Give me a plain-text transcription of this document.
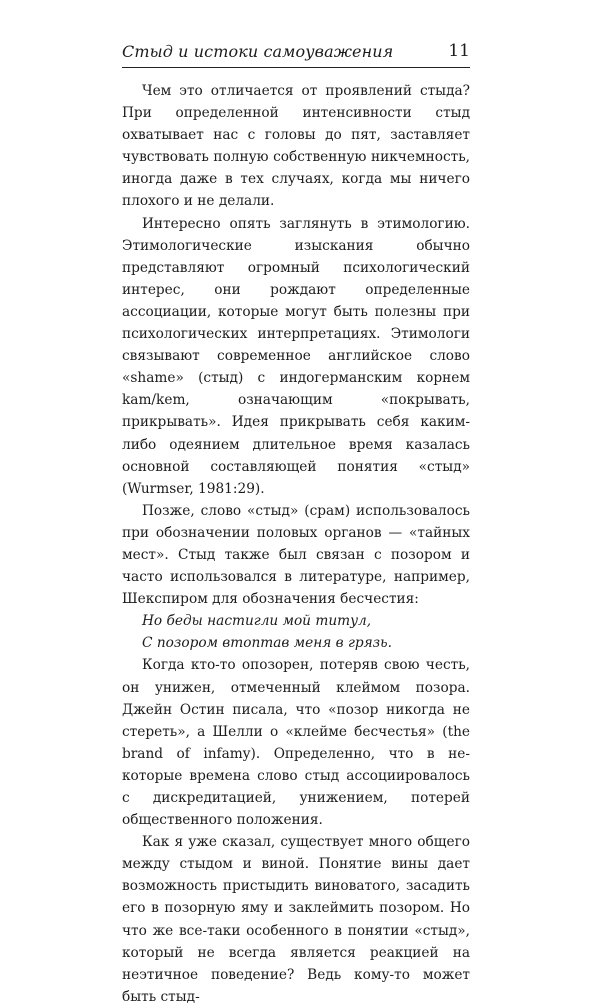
Стыд и истоки самоуважения	11

Чем это отличается от проявлений стыда? При определенной интенсивности стыд охватывает нас с головы до пят, заставляет чувствовать полную собственную никчемность, иногда даже в тех случаях, когда мы ничего плохого и не делали.

Интересно опять заглянуть в этимологию. Этимологические изыскания обычно представляют огромный психологический интерес, они рождают определенные ассоциации, которые могут быть полезны при психологических интерпретациях. Этимологи связывают современное английское слово «shame» (стыд) с индогерманским корнем kam/kem, означающим «покрывать, прикрывать». Идея прикрывать себя каким-либо одеянием длительное время казалась основной составляющей понятия «стыд» (Wurmser, 1981:29).

Позже, слово «стыд» (срам) использовалось при обозначении половых органов — «тайных мест». Стыд также был связан с позором и часто использовался в литературе, например, Шекспиром для обозначения бесчестия:

Но беды настигли мой титул,
С позором втоптав меня в грязь.

Когда кто-то опозорен, потеряв свою честь, он унижен, отмеченный клеймом позора. Джейн Остин писала, что «позор никогда не стереть», а Шелли о «клейме бесчестья» (the brand of infamy). Определенно, что в некоторые времена слово стыд ассоциировалось с дискредитацией, унижением, потерей общественного положения.

Как я уже сказал, существует много общего между стыдом и виной. Понятие вины дает возможность пристыдить виноватого, засадить его в позорную яму и заклеймить позором. Но что же все-таки особенного в понятии «стыд», который не всегда является реакцией на неэтичное поведение? Ведь кому-то может быть стыд-
